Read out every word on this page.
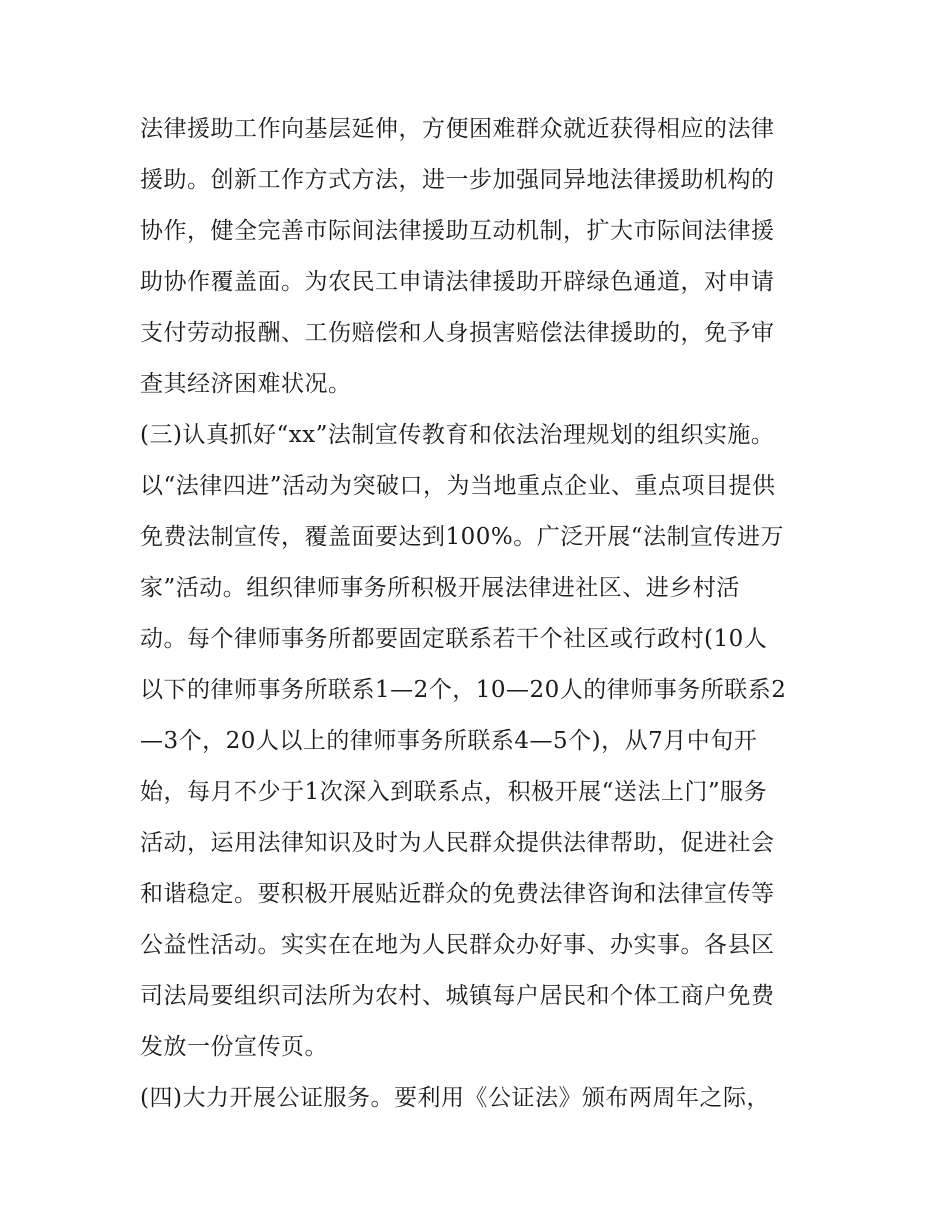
法律援助工作向基层延伸，方便困难群众就近获得相应的法律
援助。创新工作方式方法，进一步加强同异地法律援助机构的
协作，健全完善市际间法律援助互动机制，扩大市际间法律援
助协作覆盖面。为农民工申请法律援助开辟绿色通道，对申请
支付劳动报酬、工伤赔偿和人身损害赔偿法律援助的，免予审
查其经济困难状况。
(三)认真抓好“xx”法制宣传教育和依法治理规划的组织实施。
以“法律四进”活动为突破口，为当地重点企业、重点项目提供
免费法制宣传，覆盖面要达到100%。广泛开展“法制宣传进万
家”活动。组织律师事务所积极开展法律进社区、进乡村活
动。每个律师事务所都要固定联系若干个社区或行政村(10人
以下的律师事务所联系1—2个，10—20人的律师事务所联系2
—3个，20人以上的律师事务所联系4—5个)，从7月中旬开
始，每月不少于1次深入到联系点，积极开展“送法上门”服务
活动，运用法律知识及时为人民群众提供法律帮助，促进社会
和谐稳定。要积极开展贴近群众的免费法律咨询和法律宣传等
公益性活动。实实在在地为人民群众办好事、办实事。各县区
司法局要组织司法所为农村、城镇每户居民和个体工商户免费
发放一份宣传页。
(四)大力开展公证服务。要利用《公证法》颁布两周年之际，
